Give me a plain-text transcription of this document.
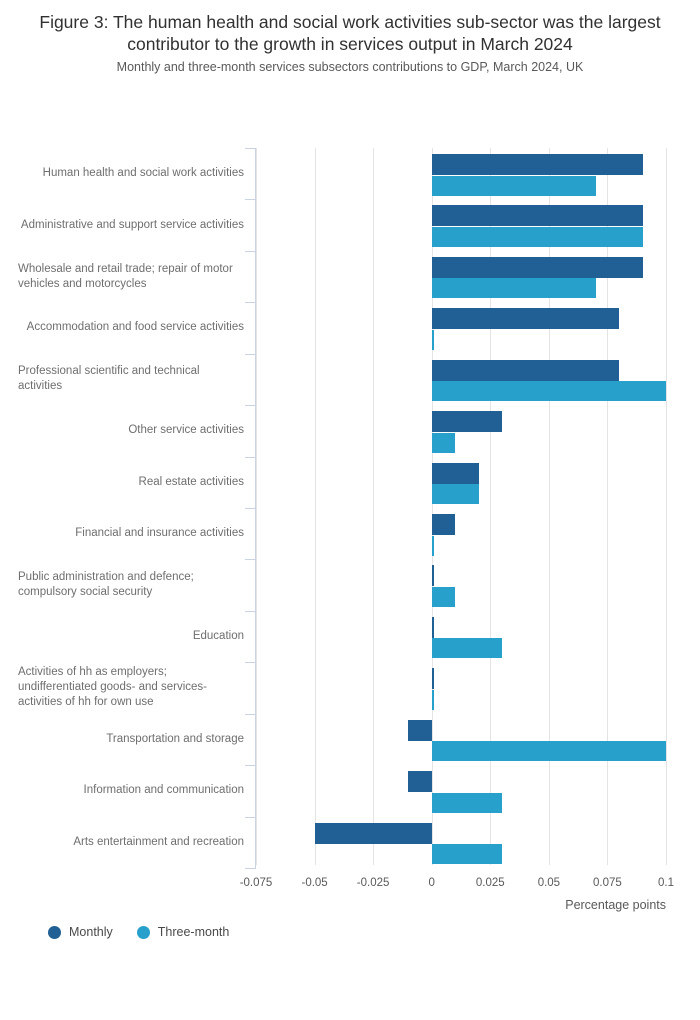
Figure 3: The human health and social work activities sub-sector was the largest contributor to the growth in services output in March 2024
Monthly and three-month services subsectors contributions to GDP, March 2024, UK
-0.075	-0.05	-0.025	0	0.025	0.05	0.075	0.1
Human health and social work activities
Administrative and support service activities
Wholesale and retail trade; repair of motor vehicles and motorcycles
Accommodation and food service activities
Professional scientific and technical activities
Other service activities
Real estate activities
Financial and insurance activities
Public administration and defence; compulsory social security
Education
Activities of hh as employers; undifferentiated goods- and services- activities of hh for own use
Transportation and storage
Information and communication
Arts entertainment and recreation
Percentage points
Monthly	Three-month
